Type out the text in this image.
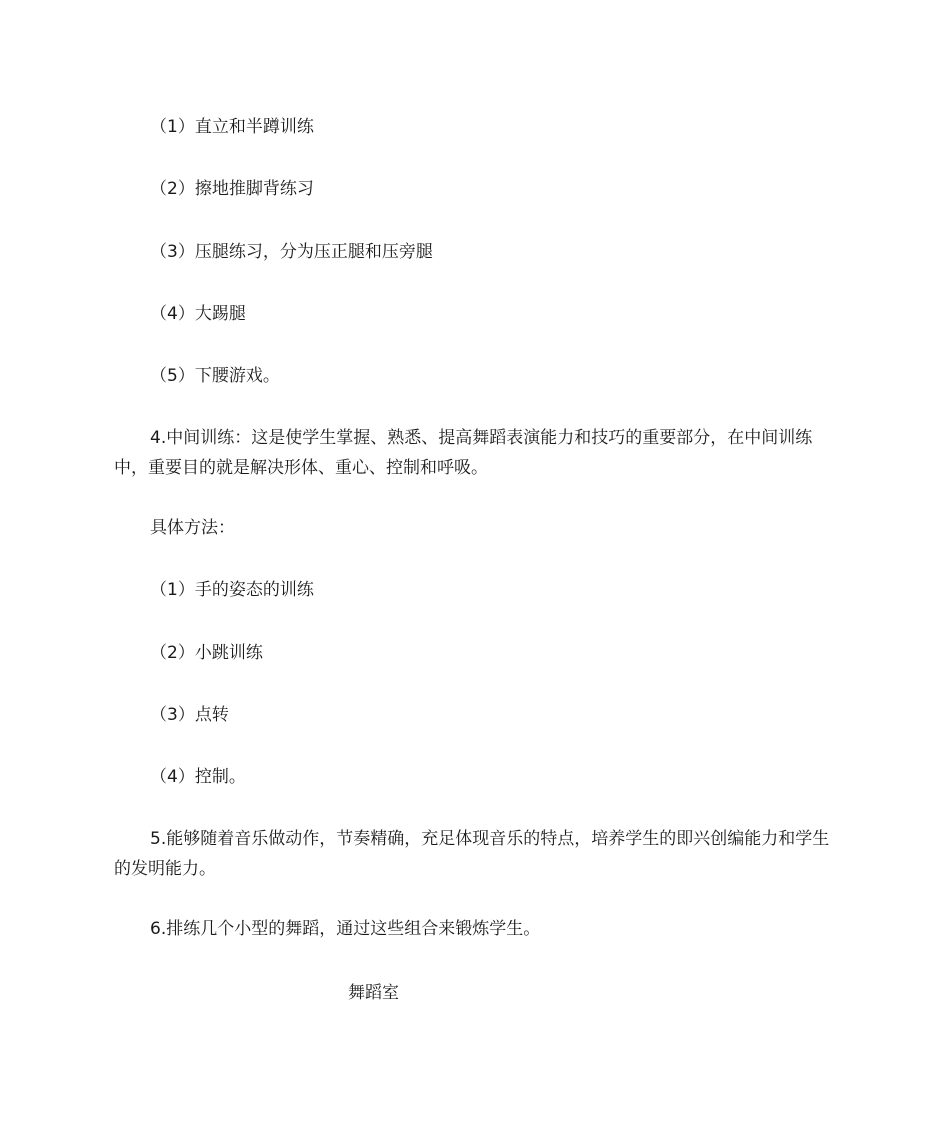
（1）直立和半蹲训练
（2）擦地推脚背练习
（3）压腿练习，分为压正腿和压旁腿
（4）大踢腿
（5）下腰游戏。
4.中间训练：这是使学生掌握、熟悉、提高舞蹈表演能力和技巧的重要部分，在中间训练中，重要目的就是解决形体、重心、控制和呼吸。
具体方法：
（1）手的姿态的训练
（2）小跳训练
（3）点转
（4）控制。
5.能够随着音乐做动作，节奏精确，充足体现音乐的特点，培养学生的即兴创编能力和学生的发明能力。
6.排练几个小型的舞蹈，通过这些组合来锻炼学生。
舞蹈室
